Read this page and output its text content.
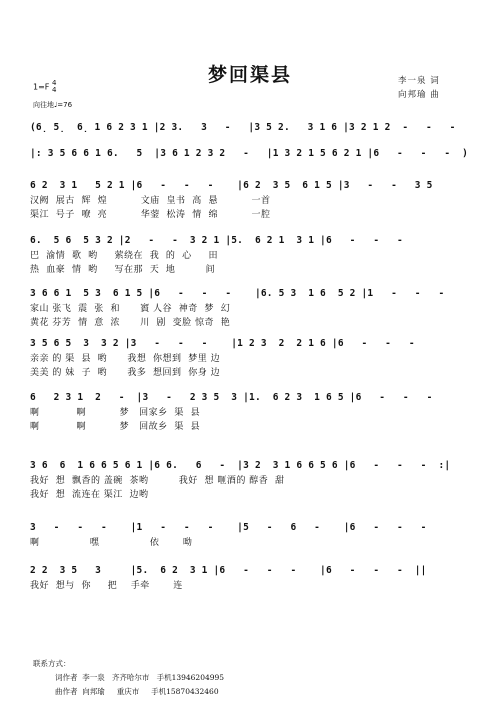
梦回渠县	李一泉 词
向邦瑜 曲
1=F 4
4
向往地♩=76
(6̣ 5̣  6̣ 1 6 2 3 1 |2 3.   3   -   |3 5 2.   3 1 6 |3 2 1 2  -   -   -
|: 3 5 6 6 1 6.   5  |3 6 1 2 3 2   -   |1 3 2 1 5 6 2 1 |6   -   -   -  )
6 2  3 1   5 2 1 |6   -   -   -    |6 2  3 5  6 1 5 |3   -   -   3 5
汉阙  展古  辉  煌          文庙  皇书  高  悬          一首
渠江  号子  嘹  亮          华蓥  松涛  情  绵          一腔
6.  5 6  5 3 2 |2   -   -  3 2 1 |5.  6 2 1  3 1 |6   -   -   -
巴  渝情  歌  哟     萦绕在  我  的  心     田
热  血豪  情  哟     写在那  天  地         间
3 6 6 1  5 3  6 1 5 |6   -   -   -    |6. 5 3  1 6  5 2 |1   -   -   -
家山 张飞  震  张  和      賨 人谷  神奇  梦  幻
黄花 芬芳  情  意  浓      川  剧  变脸 惊奇  艳
3 5 6 5  3  3 2 |3   -   -   -    |1 2 3  2  2 1 6 |6   -   -   -
亲亲 的 渠  县  哟      我想  你想到  梦里 边
美美 的 妹  子  哟      我多  想回到  你身 边
6   2 3 1  2   -  |3   -   2 3 5  3 |1.  6 2 3  1 6 5 |6   -   -   -
啊           啊          梦   回家乡  渠  县
啊           啊          梦   回故乡  渠  县
3 6  6  1 6 6 5 6 1 |6 6.   6   -  |3 2  3 1 6 6 5 6 |6   -   -   -  :|
我好  想  飘香的 盖碗  茶哟         我好  想 咂酒的 醇香  甜
我好  想  流连在 渠江  边哟
3   -   -   -    |1   -   -   -    |5   -   6   -    |6   -   -   -
啊               嘿               依       呦
2 2  3 5   3     |5.  6 2  3 1 |6   -   -   -    |6   -   -   -  ||
我好  想与  你     把    手牵       连
联系方式：
词作者  李一泉   齐齐哈尔市   手机13946204995
曲作者  向邦瑜     重庆市     手机15870432460
